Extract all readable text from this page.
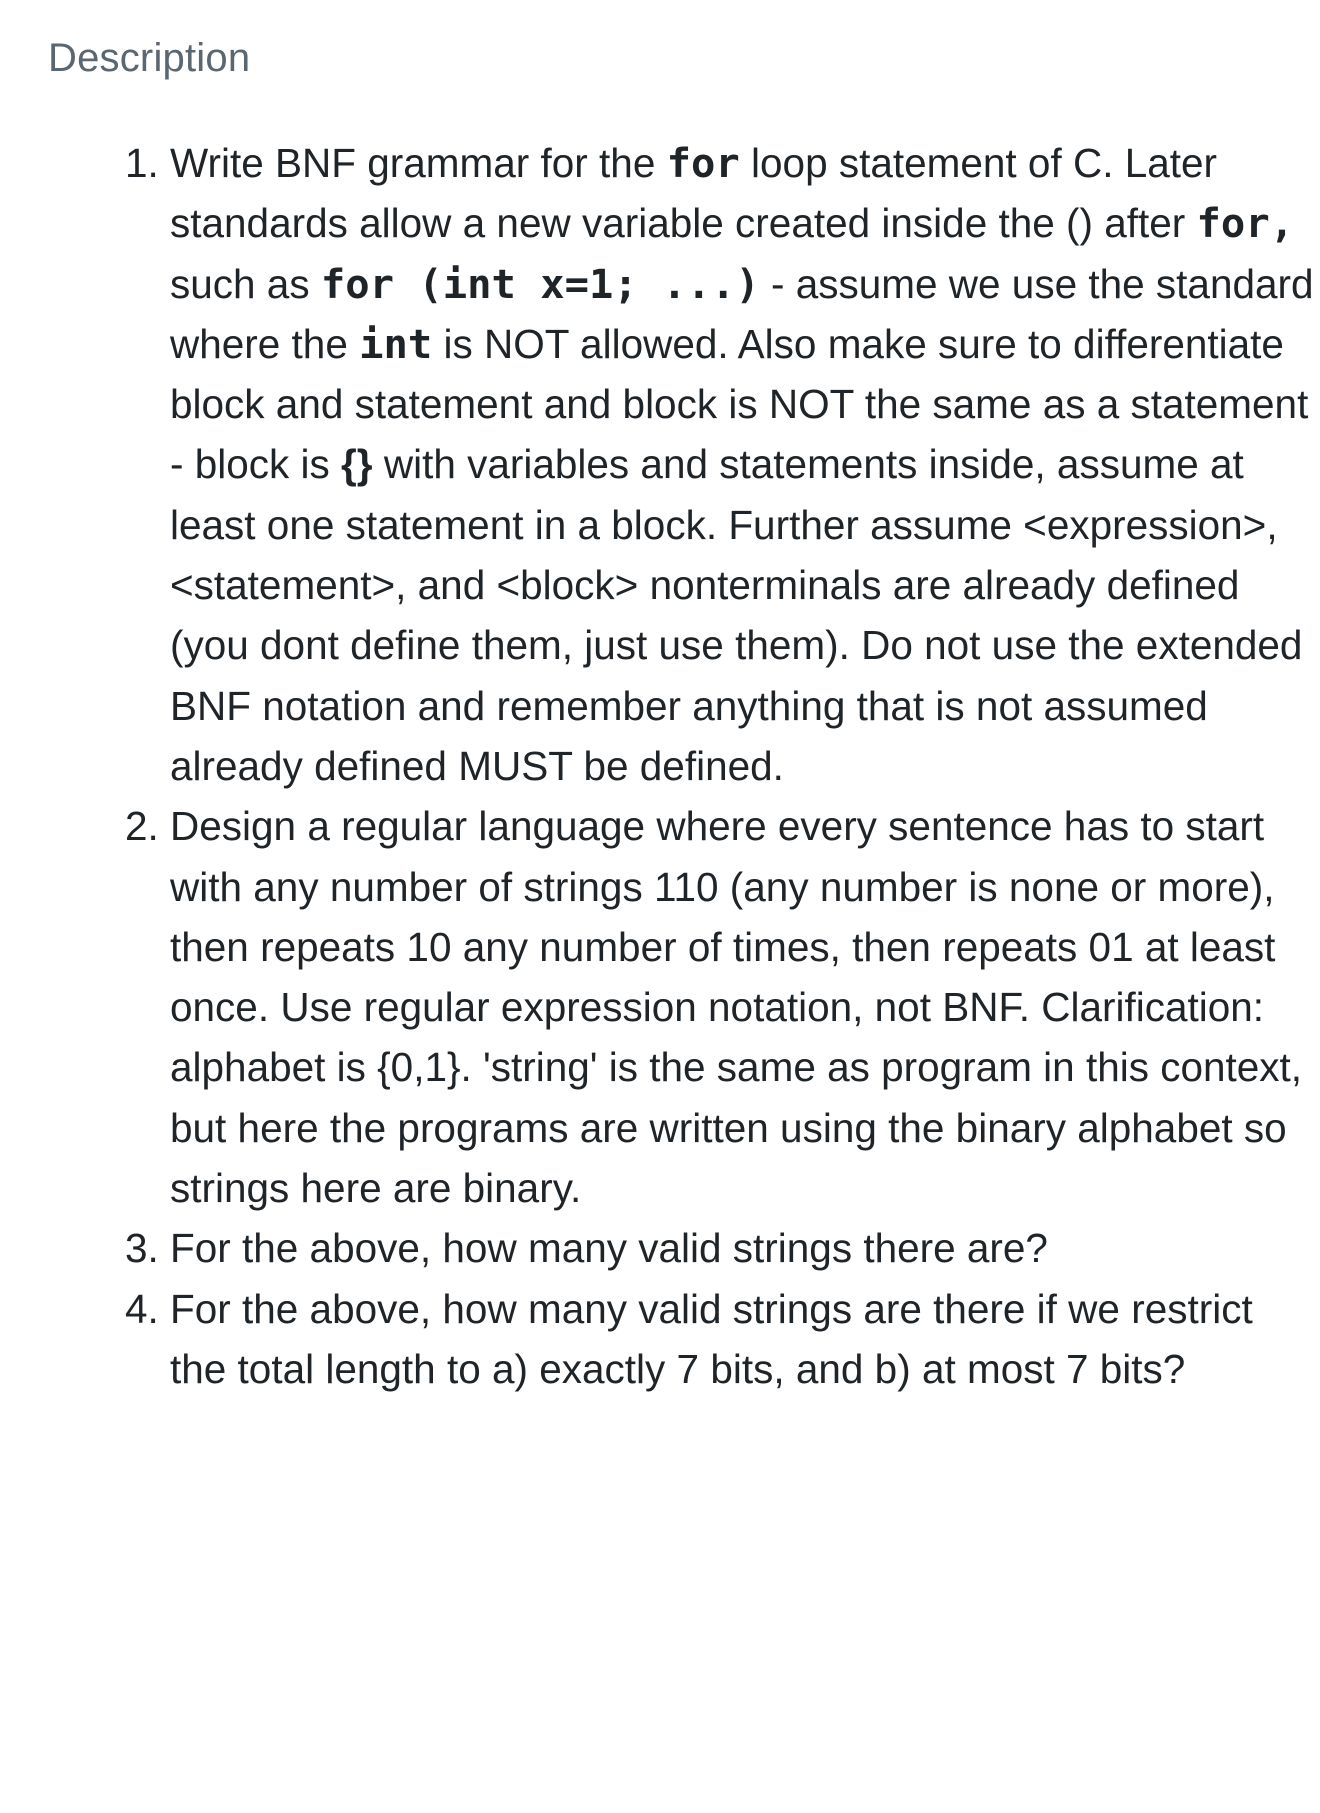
Description
1. Write BNF grammar for the for loop statement of C. Later standards allow a new variable created inside the () after for, such as for (int x=1; ...) - assume we use the standard where the int is NOT allowed. Also make sure to differentiate block and statement and block is NOT the same as a statement - block is {} with variables and statements inside, assume at least one statement in a block. Further assume <expression>, <statement>, and <block> nonterminals are already defined (you dont define them, just use them). Do not use the extended BNF notation and remember anything that is not assumed already defined MUST be defined.
2. Design a regular language where every sentence has to start with any number of strings 110 (any number is none or more), then repeats 10 any number of times, then repeats 01 at least once. Use regular expression notation, not BNF. Clarification: alphabet is {0,1}. 'string' is the same as program in this context, but here the programs are written using the binary alphabet so strings here are binary.
3. For the above, how many valid strings there are?
4. For the above, how many valid strings are there if we restrict the total length to a) exactly 7 bits, and b) at most 7 bits?
